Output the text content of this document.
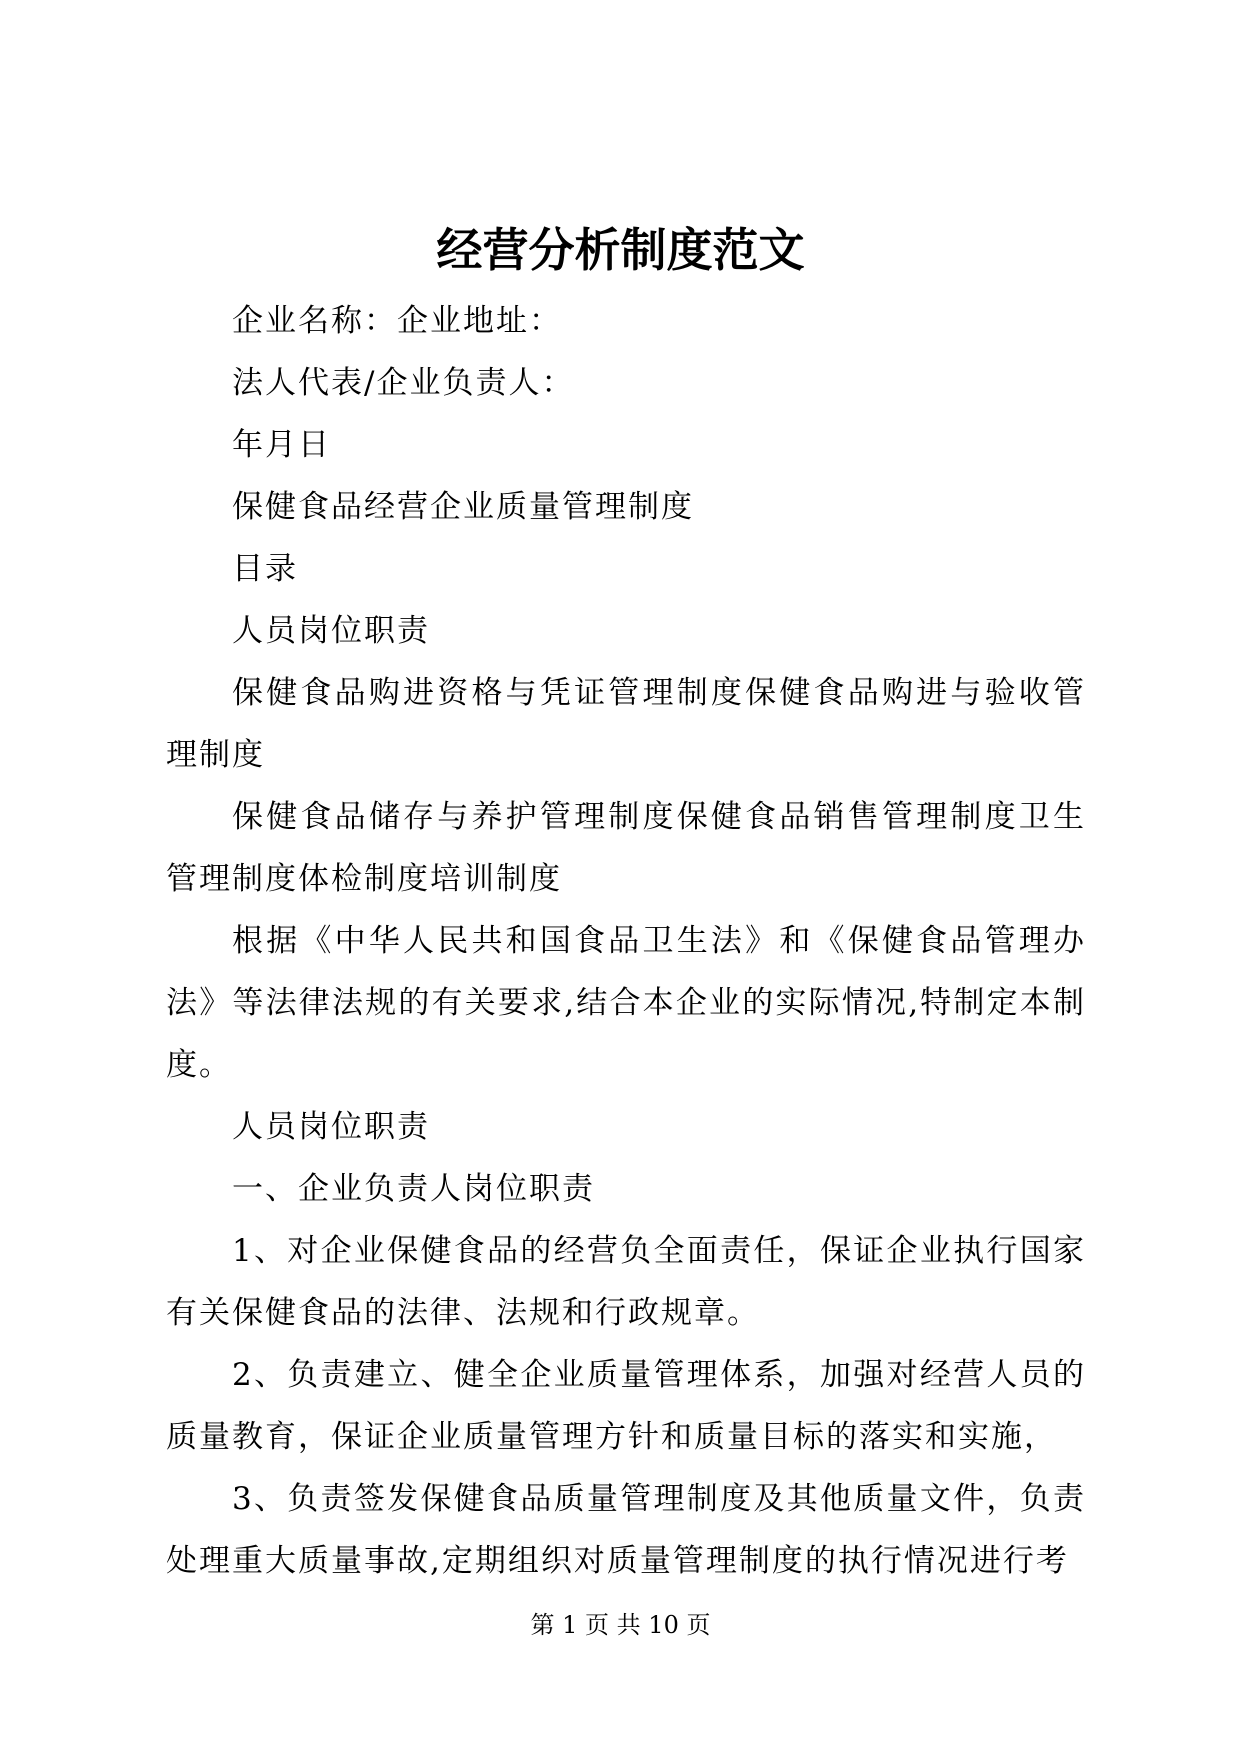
经营分析制度范文

企业名称：企业地址：

法人代表/企业负责人：

年月日

保健食品经营企业质量管理制度

目录

人员岗位职责

保健食品购进资格与凭证管理制度保健食品购进与验收管理制度

保健食品储存与养护管理制度保健食品销售管理制度卫生管理制度体检制度培训制度

根据《中华人民共和国食品卫生法》和《保健食品管理办法》等法律法规的有关要求,结合本企业的实际情况,特制定本制度。

人员岗位职责

一、企业负责人岗位职责

1、对企业保健食品的经营负全面责任，保证企业执行国家有关保健食品的法律、法规和行政规章。

2、负责建立、健全企业质量管理体系，加强对经营人员的质量教育，保证企业质量管理方针和质量目标的落实和实施，

3、负责签发保健食品质量管理制度及其他质量文件，负责处理重大质量事故,定期组织对质量管理制度的执行情况进行考

第 1 页 共 10 页
